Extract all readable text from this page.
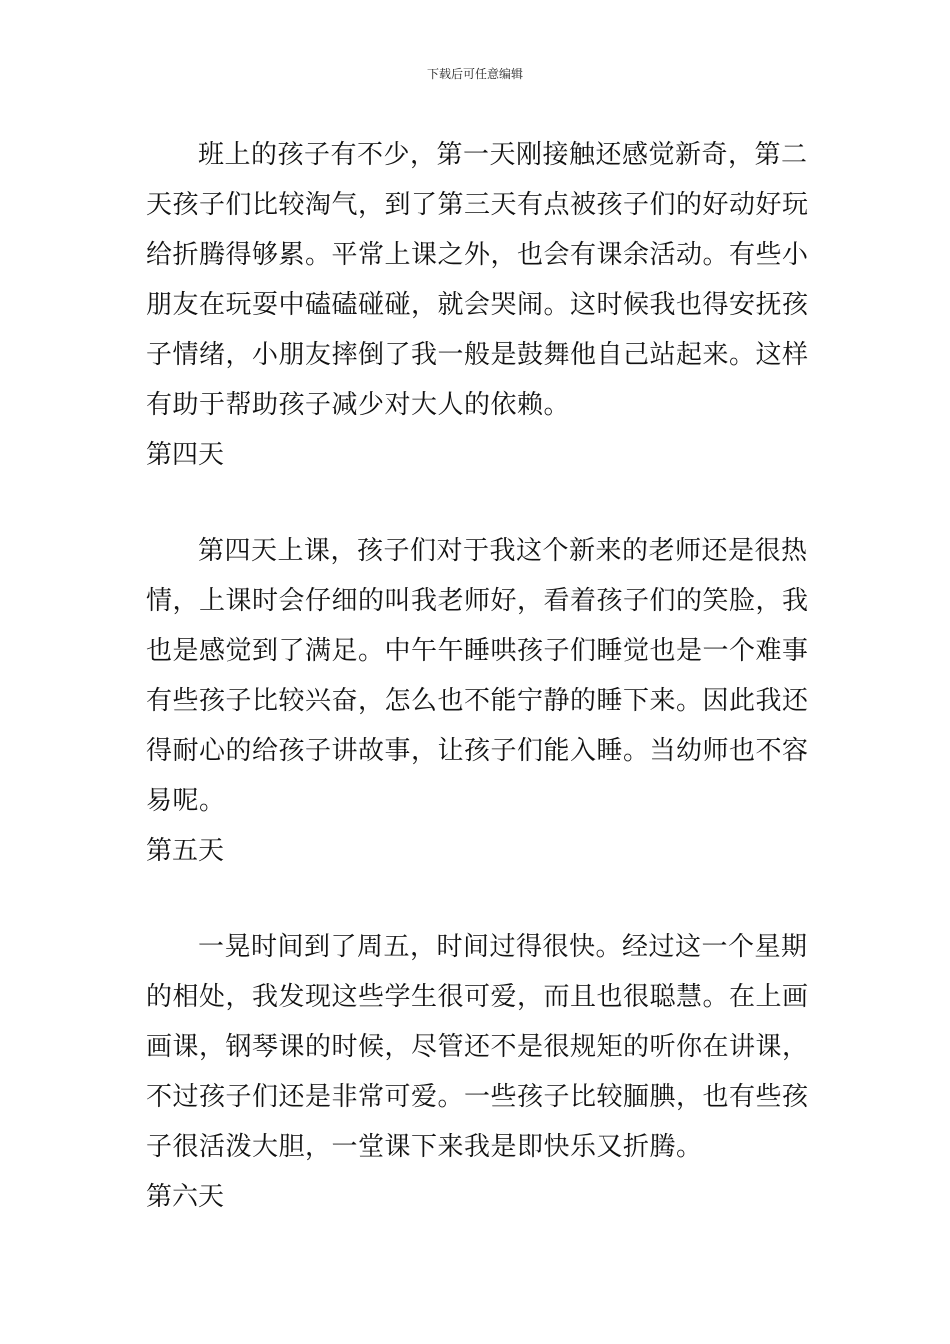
下载后可任意编辑

班上的孩子有不少，第一天刚接触还感觉新奇，第二天孩子们比较淘气，到了第三天有点被孩子们的好动好玩给折腾得够累。平常上课之外，也会有课余活动。有些小朋友在玩耍中磕磕碰碰，就会哭闹。这时候我也得安抚孩子情绪，小朋友摔倒了我一般是鼓舞他自己站起来。这样有助于帮助孩子减少对大人的依赖。

第四天

第四天上课，孩子们对于我这个新来的老师还是很热情，上课时会仔细的叫我老师好，看着孩子们的笑脸，我也是感觉到了满足。中午午睡哄孩子们睡觉也是一个难事有些孩子比较兴奋，怎么也不能宁静的睡下来。因此我还得耐心的给孩子讲故事，让孩子们能入睡。当幼师也不容易呢。

第五天

一晃时间到了周五，时间过得很快。经过这一个星期的相处，我发现这些学生很可爱，而且也很聪慧。在上画画课，钢琴课的时候，尽管还不是很规矩的听你在讲课，不过孩子们还是非常可爱。一些孩子比较腼腆，也有些孩子很活泼大胆，一堂课下来我是即快乐又折腾。

第六天
